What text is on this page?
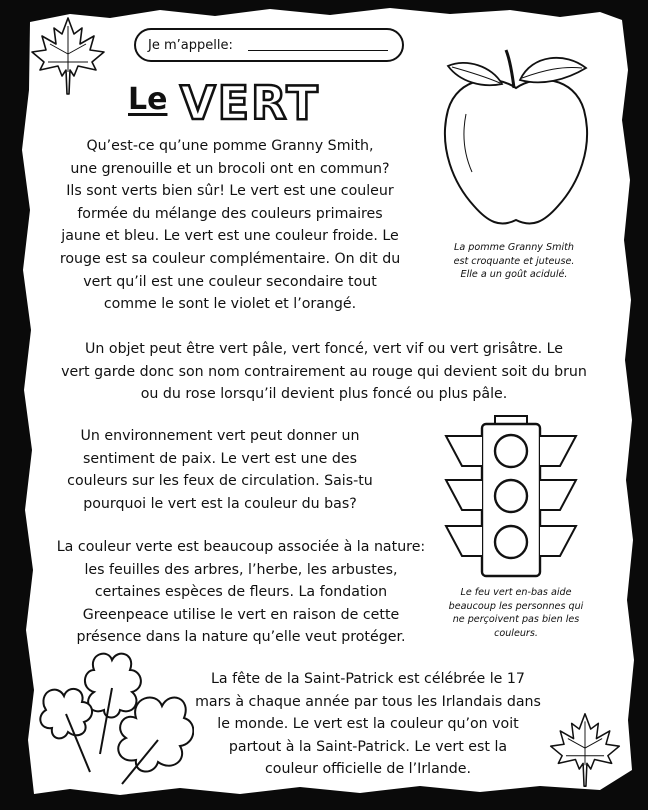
Je m’appelle:
Le VERT
La pomme Granny Smith
est croquante et juteuse.
Elle a un goût acidulé.
Le feu vert en-bas aide
beaucoup les personnes qui
ne perçoivent pas bien les
couleurs.
Qu’est-ce qu’une pomme Granny Smith,
une grenouille et un brocoli ont en commun?
Ils sont verts bien sûr! Le vert est une couleur
formée du mélange des couleurs primaires
jaune et bleu. Le vert est une couleur froide. Le
rouge est sa couleur complémentaire. On dit du
vert qu’il est une couleur secondaire tout
comme le sont le violet et l’orangé.
Un objet peut être vert pâle, vert foncé, vert vif ou vert grisâtre. Le
vert garde donc son nom contrairement au rouge qui devient soit du brun
ou du rose lorsqu’il devient plus foncé ou plus pâle.
Un environnement vert peut donner un
sentiment de paix. Le vert est une des
couleurs sur les feux de circulation. Sais-tu
pourquoi le vert est la couleur du bas?
La couleur verte est beaucoup associée à la nature:
les feuilles des arbres, l’herbe, les arbustes,
certaines espèces de fleurs. La fondation
Greenpeace utilise le vert en raison de cette
présence dans la nature qu’elle veut protéger.
La fête de la Saint-Patrick est célébrée le 17
mars à chaque année par tous les Irlandais dans
le monde. Le vert est la couleur qu’on voit
partout à la Saint-Patrick. Le vert est la
couleur officielle de l’Irlande.
